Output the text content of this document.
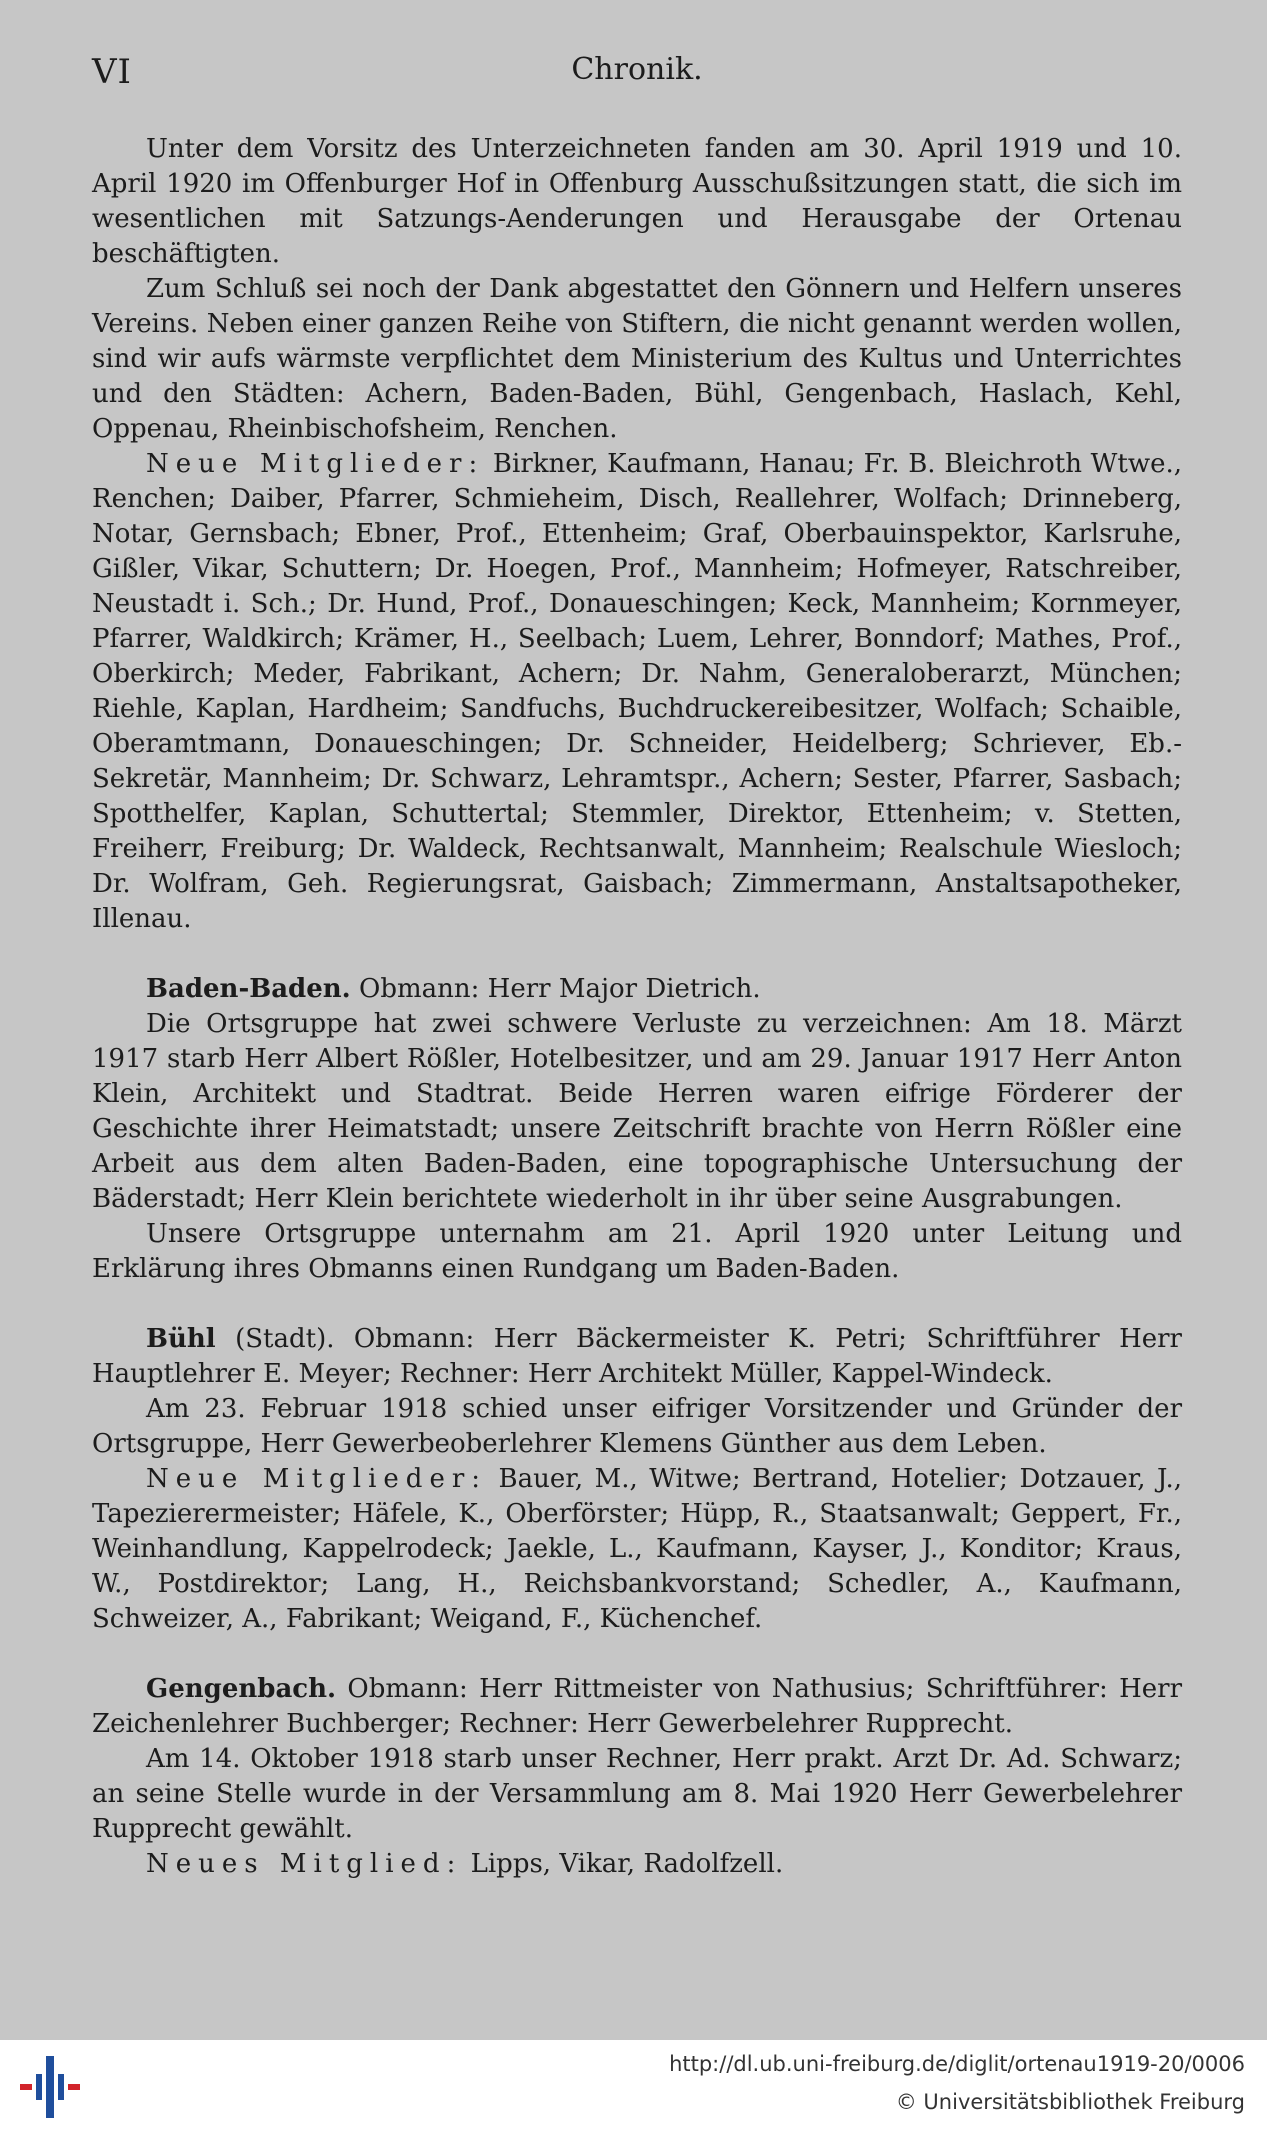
VI	Chronik.

Unter dem Vorsitz des Unterzeichneten fanden am 30. April 1919 und 10. April 1920 im Offenburger Hof in Offenburg Ausschußsitzungen statt, die sich im wesentlichen mit Satzungs-Aenderungen und Herausgabe der Ortenau beschäftigten.

Zum Schluß sei noch der Dank abgestattet den Gönnern und Helfern unseres Vereins. Neben einer ganzen Reihe von Stiftern, die nicht genannt werden wollen, sind wir aufs wärmste verpflichtet dem Ministerium des Kultus und Unterrichtes und den Städten: Achern, Baden-Baden, Bühl, Gengenbach, Haslach, Kehl, Oppenau, Rheinbischofsheim, Renchen.

Neue Mitglieder: Birkner, Kaufmann, Hanau; Fr. B. Bleichroth Wtwe., Renchen; Daiber, Pfarrer, Schmieheim, Disch, Reallehrer, Wolfach; Drinneberg, Notar, Gernsbach; Ebner, Prof., Ettenheim; Graf, Oberbauinspektor, Karlsruhe, Gißler, Vikar, Schuttern; Dr. Hoegen, Prof., Mannheim; Hofmeyer, Ratschreiber, Neustadt i. Sch.; Dr. Hund, Prof., Donaueschingen; Keck, Mannheim; Kornmeyer, Pfarrer, Waldkirch; Krämer, H., Seelbach; Luem, Lehrer, Bonndorf; Mathes, Prof., Oberkirch; Meder, Fabrikant, Achern; Dr. Nahm, Generaloberarzt, München; Riehle, Kaplan, Hardheim; Sandfuchs, Buchdruckereibesitzer, Wolfach; Schaible, Oberamtmann, Donaueschingen; Dr. Schneider, Heidelberg; Schriever, Eb.-Sekretär, Mannheim; Dr. Schwarz, Lehramtspr., Achern; Sester, Pfarrer, Sasbach; Spotthelfer, Kaplan, Schuttertal; Stemmler, Direktor, Ettenheim; v. Stetten, Freiherr, Freiburg; Dr. Waldeck, Rechtsanwalt, Mannheim; Realschule Wiesloch; Dr. Wolfram, Geh. Regierungsrat, Gaisbach; Zimmermann, Anstaltsapotheker, Illenau.

Baden-Baden. Obmann: Herr Major Dietrich.

Die Ortsgruppe hat zwei schwere Verluste zu verzeichnen: Am 18. Märzt 1917 starb Herr Albert Rößler, Hotelbesitzer, und am 29. Januar 1917 Herr Anton Klein, Architekt und Stadtrat. Beide Herren waren eifrige Förderer der Geschichte ihrer Heimatstadt; unsere Zeitschrift brachte von Herrn Rößler eine Arbeit aus dem alten Baden-Baden, eine topographische Untersuchung der Bäderstadt; Herr Klein berichtete wiederholt in ihr über seine Ausgrabungen.

Unsere Ortsgruppe unternahm am 21. April 1920 unter Leitung und Erklärung ihres Obmanns einen Rundgang um Baden-Baden.

Bühl (Stadt). Obmann: Herr Bäckermeister K. Petri; Schriftführer Herr Hauptlehrer E. Meyer; Rechner: Herr Architekt Müller, Kappel-Windeck.

Am 23. Februar 1918 schied unser eifriger Vorsitzender und Gründer der Ortsgruppe, Herr Gewerbeoberlehrer Klemens Günther aus dem Leben.

Neue Mitglieder: Bauer, M., Witwe; Bertrand, Hotelier; Dotzauer, J., Tapezierermeister; Häfele, K., Oberförster; Hüpp, R., Staatsanwalt; Geppert, Fr., Weinhandlung, Kappelrodeck; Jaekle, L., Kaufmann, Kayser, J., Konditor; Kraus, W., Postdirektor; Lang, H., Reichsbankvorstand; Schedler, A., Kaufmann, Schweizer, A., Fabrikant; Weigand, F., Küchenchef.

Gengenbach. Obmann: Herr Rittmeister von Nathusius; Schriftführer: Herr Zeichenlehrer Buchberger; Rechner: Herr Gewerbelehrer Rupprecht.

Am 14. Oktober 1918 starb unser Rechner, Herr prakt. Arzt Dr. Ad. Schwarz; an seine Stelle wurde in der Versammlung am 8. Mai 1920 Herr Gewerbelehrer Rupprecht gewählt.

Neues Mitglied: Lipps, Vikar, Radolfzell.

http://dl.ub.uni-freiburg.de/diglit/ortenau1919-20/0006
© Universitätsbibliothek Freiburg
